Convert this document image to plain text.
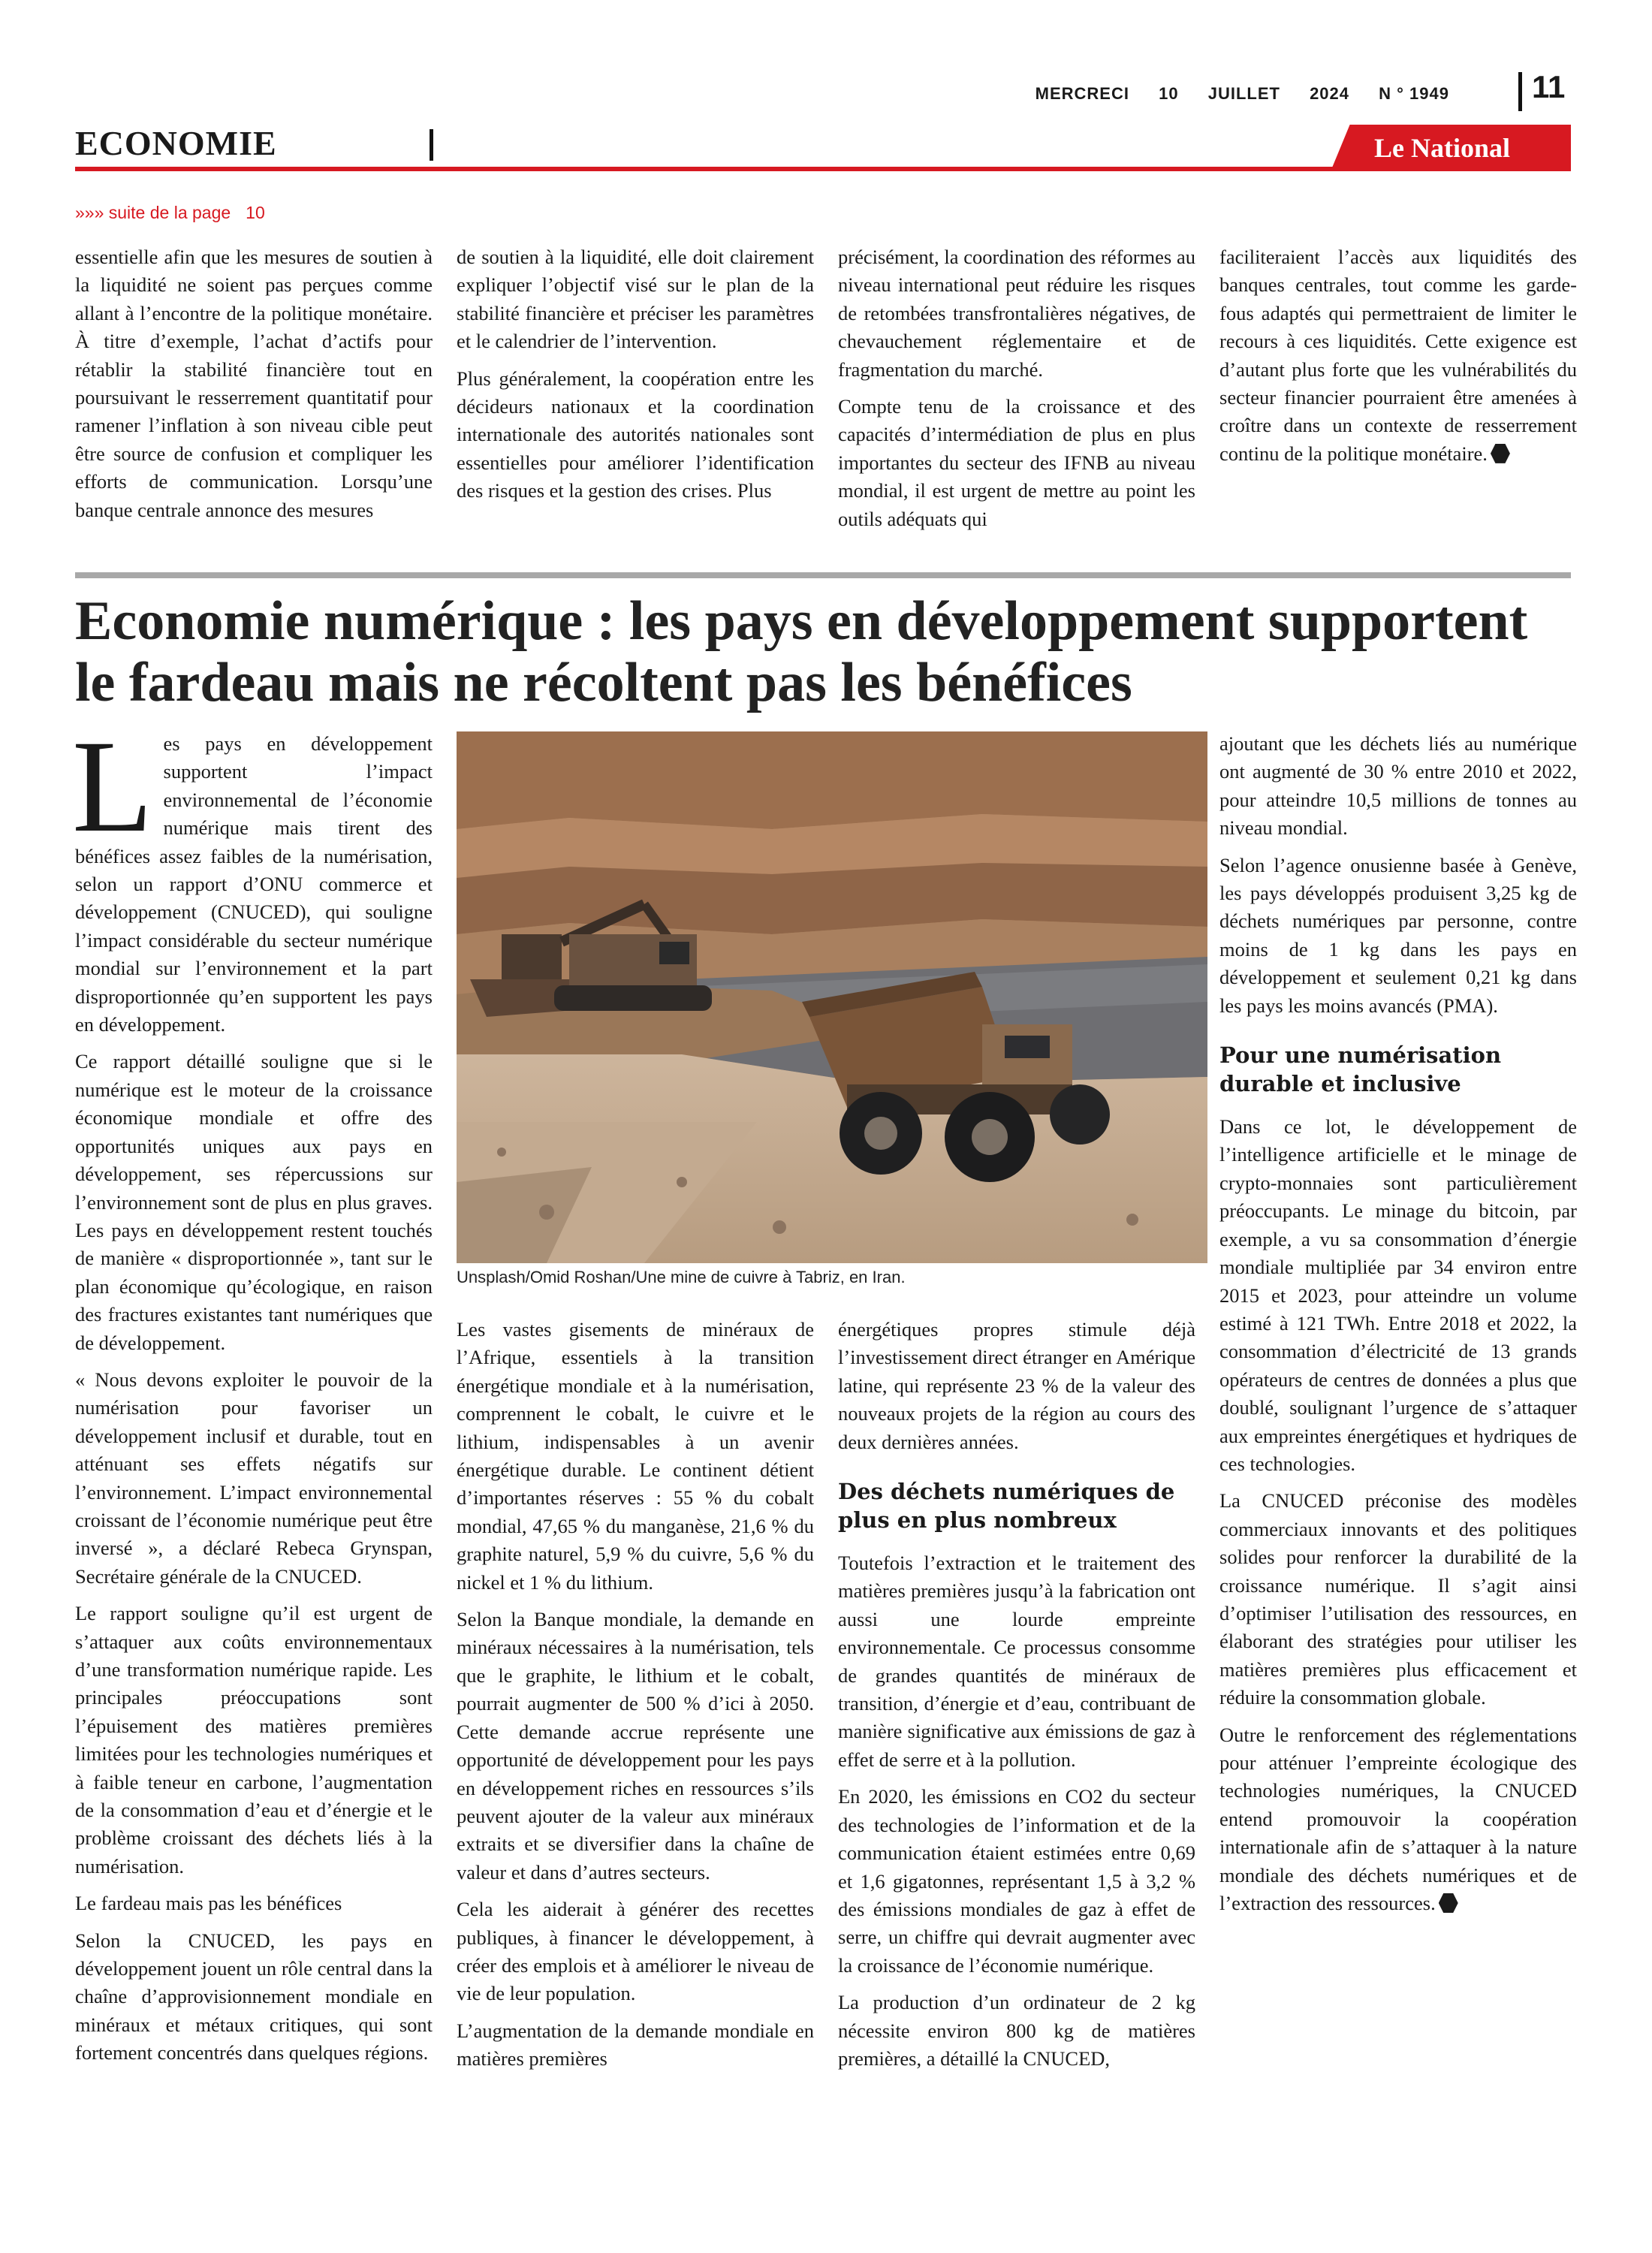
MERCRECI 10 JUILLET 2024 N ° 1949	11
ECONOMIE	Le National
»»» suite de la page 10

essentielle afin que les mesures de soutien à la liquidité ne soient pas perçues comme allant à l’encontre de la politique monétaire. À titre d’exemple, l’achat d’actifs pour rétablir la stabilité financière tout en poursuivant le resserrement quantitatif pour ramener l’inflation à son niveau cible peut être source de confusion et compliquer les efforts de communication. Lorsqu’une banque centrale annonce des mesures

de soutien à la liquidité, elle doit clairement expliquer l’objectif visé sur le plan de la stabilité financière et préciser les paramètres et le calendrier de l’intervention.

Plus généralement, la coopération entre les décideurs nationaux et la coordination internationale des autorités nationales sont essentielles pour améliorer l’identification des risques et la gestion des crises. Plus

précisément, la coordination des réformes au niveau international peut réduire les risques de retombées transfrontalières négatives, de chevauchement réglementaire et de fragmentation du marché.

Compte tenu de la croissance et des capacités d’intermédiation de plus en plus importantes du secteur des IFNB au niveau mondial, il est urgent de mettre au point les outils adéquats qui

faciliteraient l’accès aux liquidités des banques centrales, tout comme les garde-fous adaptés qui permettraient de limiter le recours à ces liquidités. Cette exigence est d’autant plus forte que les vulnérabilités du secteur financier pourraient être amenées à croître dans un contexte de resserrement continu de la politique monétaire.

Economie numérique : les pays en développement supportent le fardeau mais ne récoltent pas les bénéfices

Les pays en développement supportent l’impact environnemental de l’économie numérique mais tirent des bénéfices assez faibles de la numérisation, selon un rapport d’ONU commerce et développement (CNUCED), qui souligne l’impact considérable du secteur numérique mondial sur l’environnement et la part disproportionnée qu’en supportent les pays en développement.

Ce rapport détaillé souligne que si le numérique est le moteur de la croissance économique mondiale et offre des opportunités uniques aux pays en développement, ses répercussions sur l’environnement sont de plus en plus graves. Les pays en développement restent touchés de manière « disproportionnée », tant sur le plan économique qu’écologique, en raison des fractures existantes tant numériques que de développement.

« Nous devons exploiter le pouvoir de la numérisation pour favoriser un développement inclusif et durable, tout en atténuant ses effets négatifs sur l’environnement. L’impact environnemental croissant de l’économie numérique peut être inversé », a déclaré Rebeca Grynspan, Secrétaire générale de la CNUCED.

Le rapport souligne qu’il est urgent de s’attaquer aux coûts environnementaux d’une transformation numérique rapide. Les principales préoccupations sont l’épuisement des matières premières limitées pour les technologies numériques et à faible teneur en carbone, l’augmentation de la consommation d’eau et d’énergie et le problème croissant des déchets liés à la numérisation.

Le fardeau mais pas les bénéfices

Selon la CNUCED, les pays en développement jouent un rôle central dans la chaîne d’approvisionnement mondiale en minéraux et métaux critiques, qui sont fortement concentrés dans quelques régions.

Unsplash/Omid Roshan/Une mine de cuivre à Tabriz, en Iran.

Les vastes gisements de minéraux de l’Afrique, essentiels à la transition énergétique mondiale et à la numérisation, comprennent le cobalt, le cuivre et le lithium, indispensables à un avenir énergétique durable. Le continent détient d’importantes réserves : 55 % du cobalt mondial, 47,65 % du manganèse, 21,6 % du graphite naturel, 5,9 % du cuivre, 5,6 % du nickel et 1 % du lithium.

Selon la Banque mondiale, la demande en minéraux nécessaires à la numérisation, tels que le graphite, le lithium et le cobalt, pourrait augmenter de 500 % d’ici à 2050. Cette demande accrue représente une opportunité de développement pour les pays en développement riches en ressources s’ils peuvent ajouter de la valeur aux minéraux extraits et se diversifier dans la chaîne de valeur et dans d’autres secteurs.

Cela les aiderait à générer des recettes publiques, à financer le développement, à créer des emplois et à améliorer le niveau de vie de leur population.

L’augmentation de la demande mondiale en matières premières

énergétiques propres stimule déjà l’investissement direct étranger en Amérique latine, qui représente 23 % de la valeur des nouveaux projets de la région au cours des deux dernières années.

Des déchets numériques de plus en plus nombreux

Toutefois l’extraction et le traitement des matières premières jusqu’à la fabrication ont aussi une lourde empreinte environnementale. Ce processus consomme de grandes quantités de minéraux de transition, d’énergie et d’eau, contribuant de manière significative aux émissions de gaz à effet de serre et à la pollution.

En 2020, les émissions en CO2 du secteur des technologies de l’information et de la communication étaient estimées entre 0,69 et 1,6 gigatonnes, représentant 1,5 à 3,2 % des émissions mondiales de gaz à effet de serre, un chiffre qui devrait augmenter avec la croissance de l’économie numérique.

La production d’un ordinateur de 2 kg nécessite environ 800 kg de matières premières, a détaillé la CNUCED,

ajoutant que les déchets liés au numérique ont augmenté de 30 % entre 2010 et 2022, pour atteindre 10,5 millions de tonnes au niveau mondial.

Selon l’agence onusienne basée à Genève, les pays développés produisent 3,25 kg de déchets numériques par personne, contre moins de 1 kg dans les pays en développement et seulement 0,21 kg dans les pays les moins avancés (PMA).

Pour une numérisation durable et inclusive

Dans ce lot, le développement de l’intelligence artificielle et le minage de crypto-monnaies sont particulièrement préoccupants. Le minage du bitcoin, par exemple, a vu sa consommation d’énergie mondiale multipliée par 34 environ entre 2015 et 2023, pour atteindre un volume estimé à 121 TWh. Entre 2018 et 2022, la consommation d’électricité de 13 grands opérateurs de centres de données a plus que doublé, soulignant l’urgence de s’attaquer aux empreintes énergétiques et hydriques de ces technologies.

La CNUCED préconise des modèles commerciaux innovants et des politiques solides pour renforcer la durabilité de la croissance numérique. Il s’agit ainsi d’optimiser l’utilisation des ressources, en élaborant des stratégies pour utiliser les matières premières plus efficacement et réduire la consommation globale.

Outre le renforcement des réglementations pour atténuer l’empreinte écologique des technologies numériques, la CNUCED entend promouvoir la coopération internationale afin de s’attaquer à la nature mondiale des déchets numériques et de l’extraction des ressources.
